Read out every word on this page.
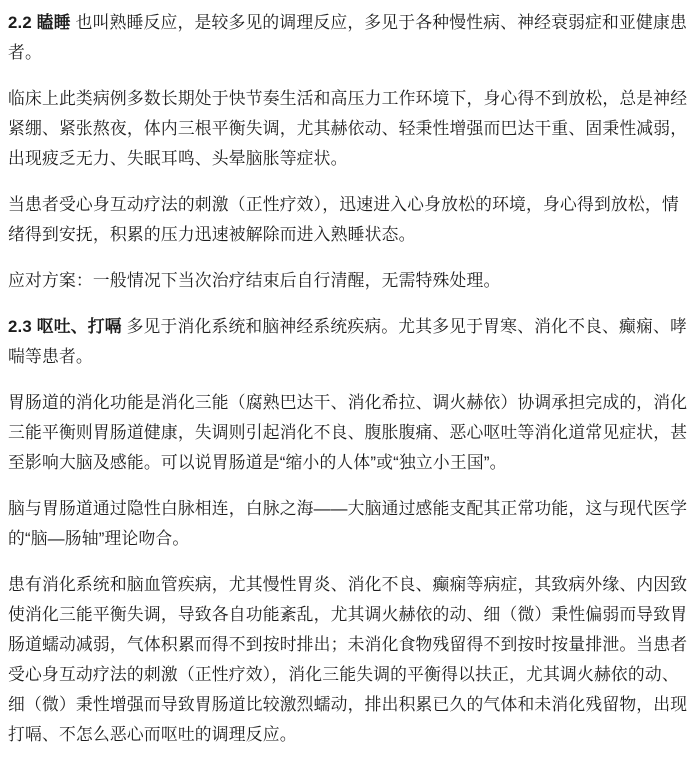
2.2 瞌睡 也叫熟睡反应，是较多见的调理反应，多见于各种慢性病、神经衰弱症和亚健康患
者。
临床上此类病例多数长期处于快节奏生活和高压力工作环境下，身心得不到放松，总是神经
紧绷、紧张熬夜，体内三根平衡失调，尤其赫依动、轻秉性增强而巴达干重、固秉性减弱，
出现疲乏无力、失眠耳鸣、头晕脑胀等症状。
当患者受心身互动疗法的刺激（正性疗效），迅速进入心身放松的环境，身心得到放松，情
绪得到安抚，积累的压力迅速被解除而进入熟睡状态。
应对方案：一般情况下当次治疗结束后自行清醒，无需特殊处理。
2.3 呕吐、打嗝 多见于消化系统和脑神经系统疾病。尤其多见于胃寒、消化不良、癫痫、哮
喘等患者。
胃肠道的消化功能是消化三能（腐熟巴达干、消化希拉、调火赫依）协调承担完成的，消化
三能平衡则胃肠道健康，失调则引起消化不良、腹胀腹痛、恶心呕吐等消化道常见症状，甚
至影响大脑及感能。可以说胃肠道是“缩小的人体”或“独立小王国”。
脑与胃肠道通过隐性白脉相连，白脉之海——大脑通过感能支配其正常功能，这与现代医学
的“脑—肠轴”理论吻合。
患有消化系统和脑血管疾病，尤其慢性胃炎、消化不良、癫痫等病症，其致病外缘、内因致
使消化三能平衡失调，导致各自功能紊乱，尤其调火赫依的动、细（微）秉性偏弱而导致胃
肠道蠕动减弱，气体积累而得不到按时排出；未消化食物残留得不到按时按量排泄。当患者
受心身互动疗法的刺激（正性疗效），消化三能失调的平衡得以扶正，尤其调火赫依的动、
细（微）秉性增强而导致胃肠道比较激烈蠕动，排出积累已久的气体和未消化残留物，出现
打嗝、不怎么恶心而呕吐的调理反应。
